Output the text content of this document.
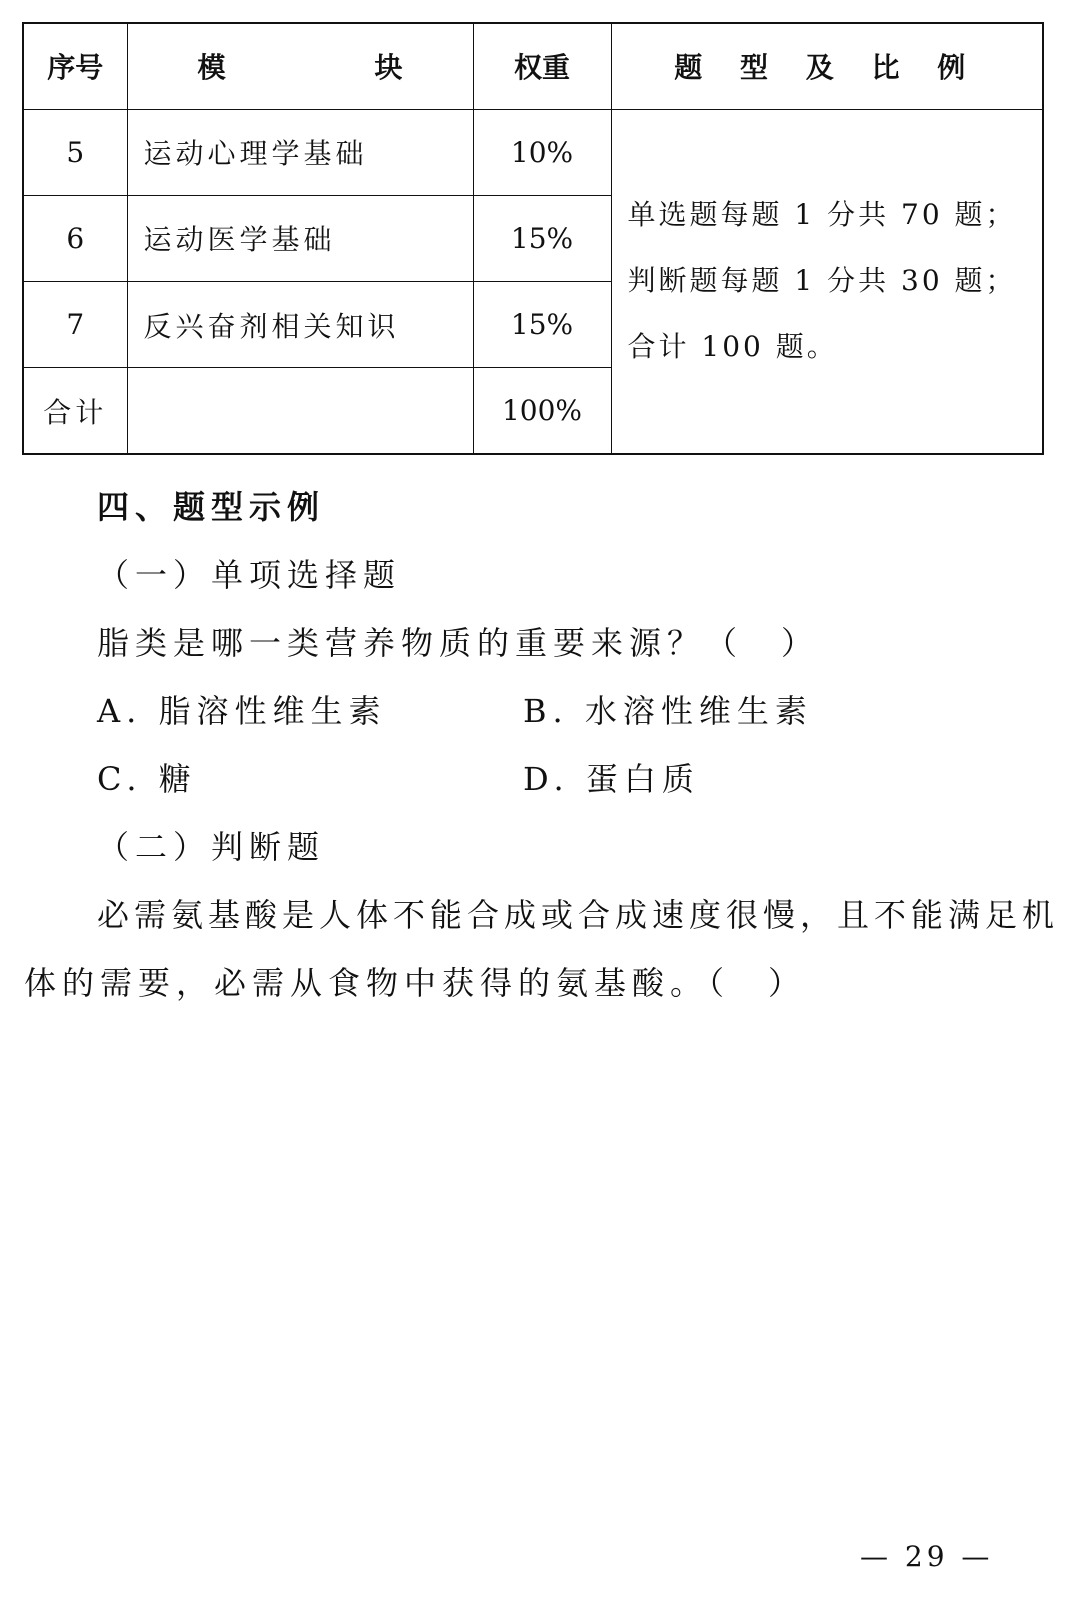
序号	模 块	权重	题 型 及 比 例
5	运动心理学基础	10%	单选题每题 1 分共 70 题；
判断题每题 1 分共 30 题；
合计 100 题。

6	运动医学基础	15%	
7	反兴奋剂相关知识	15%	
合计		100%	
四、题型示例
（一）单项选择题
脂类是哪一类营养物质的重要来源？（　）
A. 脂溶性维生素	B. 水溶性维生素
C. 糖	D. 蛋白质
（二）判断题
必需氨基酸是人体不能合成或合成速度很慢，且不能满足机
体的需要，必需从食物中获得的氨基酸。（　）
— 29 —
